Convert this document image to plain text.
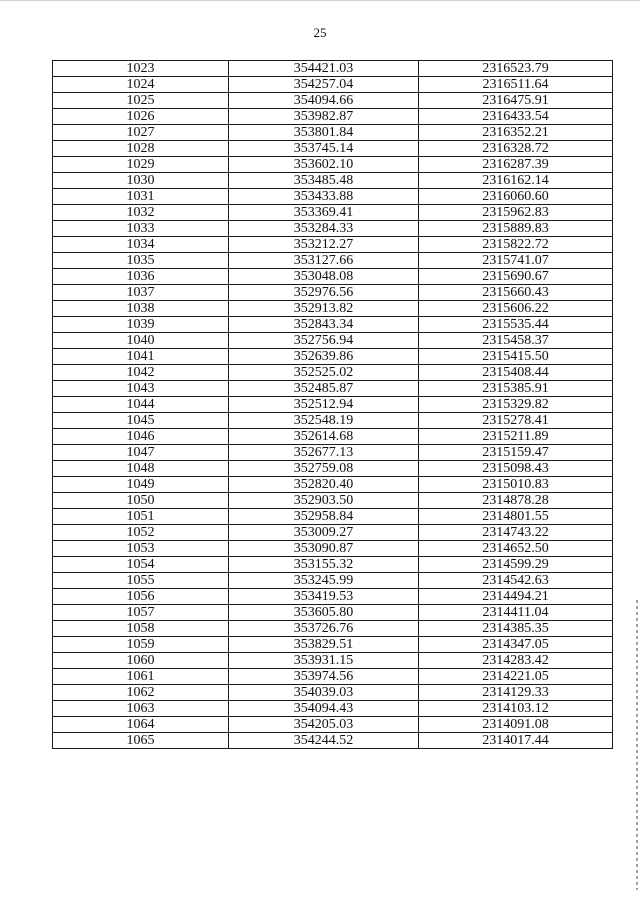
25
1023	354421.03	2316523.79
1024	354257.04	2316511.64
1025	354094.66	2316475.91
1026	353982.87	2316433.54
1027	353801.84	2316352.21
1028	353745.14	2316328.72
1029	353602.10	2316287.39
1030	353485.48	2316162.14
1031	353433.88	2316060.60
1032	353369.41	2315962.83
1033	353284.33	2315889.83
1034	353212.27	2315822.72
1035	353127.66	2315741.07
1036	353048.08	2315690.67
1037	352976.56	2315660.43
1038	352913.82	2315606.22
1039	352843.34	2315535.44
1040	352756.94	2315458.37
1041	352639.86	2315415.50
1042	352525.02	2315408.44
1043	352485.87	2315385.91
1044	352512.94	2315329.82
1045	352548.19	2315278.41
1046	352614.68	2315211.89
1047	352677.13	2315159.47
1048	352759.08	2315098.43
1049	352820.40	2315010.83
1050	352903.50	2314878.28
1051	352958.84	2314801.55
1052	353009.27	2314743.22
1053	353090.87	2314652.50
1054	353155.32	2314599.29
1055	353245.99	2314542.63
1056	353419.53	2314494.21
1057	353605.80	2314411.04
1058	353726.76	2314385.35
1059	353829.51	2314347.05
1060	353931.15	2314283.42
1061	353974.56	2314221.05
1062	354039.03	2314129.33
1063	354094.43	2314103.12
1064	354205.03	2314091.08
1065	354244.52	2314017.44
